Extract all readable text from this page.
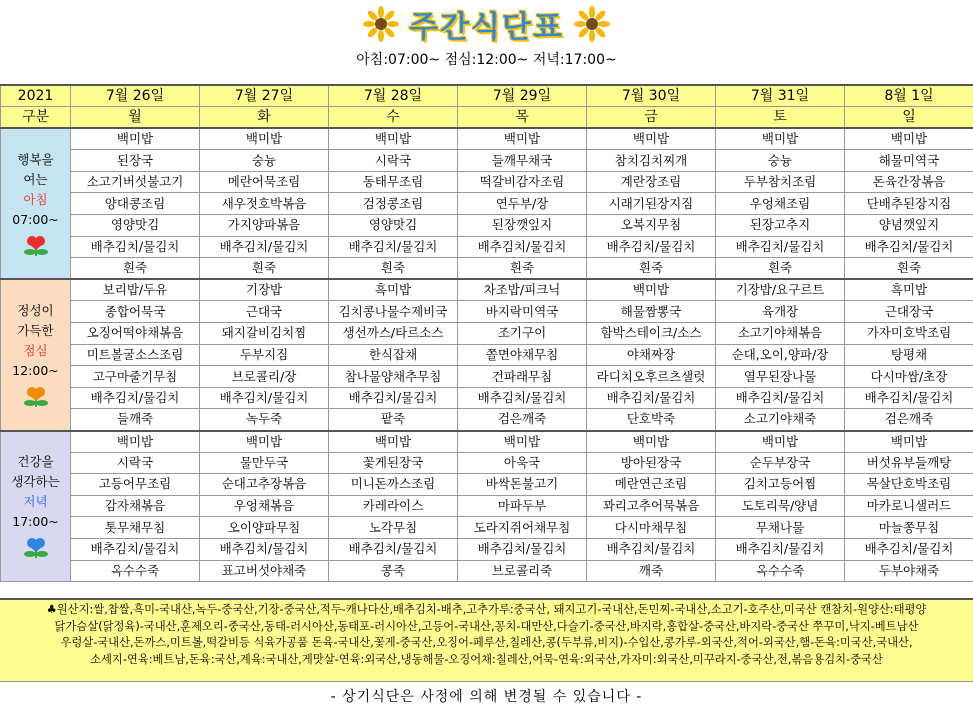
주간식단표
아침:07:00~ 점심:12:00~ 저녁:17:00~
2021	7월 26일	7월 27일	7월 28일	7월 29일	7월 30일	7월 31일	8월 1일
구분	월	화	수	목	금	토	일

행복을
여는
아침
07:00~	백미밥	백미밥	백미밥	백미밥	백미밥	백미밥	백미밥
	된장국	숭늉	시락국	들깨무채국	참치김치찌개	숭늉	해물미역국
	소고기버섯불고기	메란어묵조림	동태무조림	떡갈비감자조림	계란장조림	두부참치조림	돈육간장볶음
	양대콩조림	새우젓호박볶음	검정콩조림	연두부/장	시래기된장지짐	우엉채조림	단배추된장지짐
	영양맛김	가지양파볶음	영양맛김	된장깻잎지	오복지무침	된장고추지	양념깻잎지
	배추김치/물김치	배추김치/물김치	배추김치/물김치	배추김치/물김치	배추김치/물김치	배추김치/물김치	배추김치/물김치
	흰죽	흰죽	흰죽	흰죽	흰죽	흰죽	흰죽

정성이
가득한
점심
12:00~	보리밥/두유	기장밥	흑미밥	차조밥/피크닉	백미밥	기장밥/요구르트	흑미밥
	종합어묵국	근대국	김치콩나물수제비국	바지락미역국	해물짬뽕국	육개장	근대장국
	오징어떡야채볶음	돼지갈비김치찜	생선까스/타르소스	조기구이	함박스테이크/소스	소고기야채볶음	가자미호박조림
	미트볼굴소스조림	두부지짐	한식잡채	쫄면야채무침	야채짜장	순대,오이,양파/장	탕평채
	고구마줄기무침	브로콜리/장	참나물양채추무침	건파래무침	라디치오후르츠샐럿	열무된장나물	다시마쌈/초장
	배추김치/물김치	배추김치/물김치	배추김치/물김치	배추김치/물김치	배추김치/물김치	배추김치/물김치	배추김치/물김치
	들깨죽	녹두죽	팥죽	검은깨죽	단호박죽	소고기야채죽	검은깨죽

건강을
생각하는
저녁
17:00~	백미밥	백미밥	백미밥	백미밥	백미밥	백미밥	백미밥
	시락국	물만두국	꽃게된장국	아욱국	방아된장국	순두부장국	버섯유부들깨탕
	고등어무조림	순대고추장볶음	미니돈까스조림	바싹돈불고기	메란연근조림	김치고등어찜	목살단호박조림
	감자채볶음	우엉채볶음	카레라이스	마파두부	꽈리고추어묵볶음	도토리묵/양념	마카로니샐러드
	톳무채무침	오이양파무침	노각무침	도라지쥐어채무침	다시마채무침	무채나물	마늘쫑무침
	배추김치/물김치	배추김치/물김치	배추김치/물김치	배추김치/물김치	배추김치/물김치	배추김치/물김치	배추김치/물김치
	옥수수죽	표고버섯야채죽	콩죽	브로콜리죽	깨죽	옥수수죽	두부야채죽
♣원산지:쌀,찹쌀,흑미-국내산,녹두-중국산,기장-중국산,적두-캐나다산,배추김치-배추,고추가루:중국산, 돼지고기-국내산,돈민찌-국내산,소고기-호주산,미국산 캔참치-원양산:태평양
닭가슴살(닭정육)-국내산,훈제오리-중국산,동태-러시아산,동태포-러시아산,고등어-국내산,꽁치-대만산,다슬기-중국산,바지락,홍합살-중국산,바지락-중국산 쭈꾸미,낙지-베트남산
우렁살-국내산,돈까스,미트볼,떡갈비등 식육가공품 돈육-국내산,꽃게-중국산,오징어-페루산,칠레산,콩(두부류,비지)-수입산,콩가루-외국산,적어-외국산,햄-돈육:미국산,국내산,
소세지-연육:베트남,돈육:국산,계육:국내산,게맛살-연육:외국산,냉동해물-오징어채:칠레산,어묵-연육:외국산,가자미:외국산,미꾸라지-중국산,전,볶음용김치-중국산
- 상기식단은 사정에 의해 변경될 수 있습니다 -
